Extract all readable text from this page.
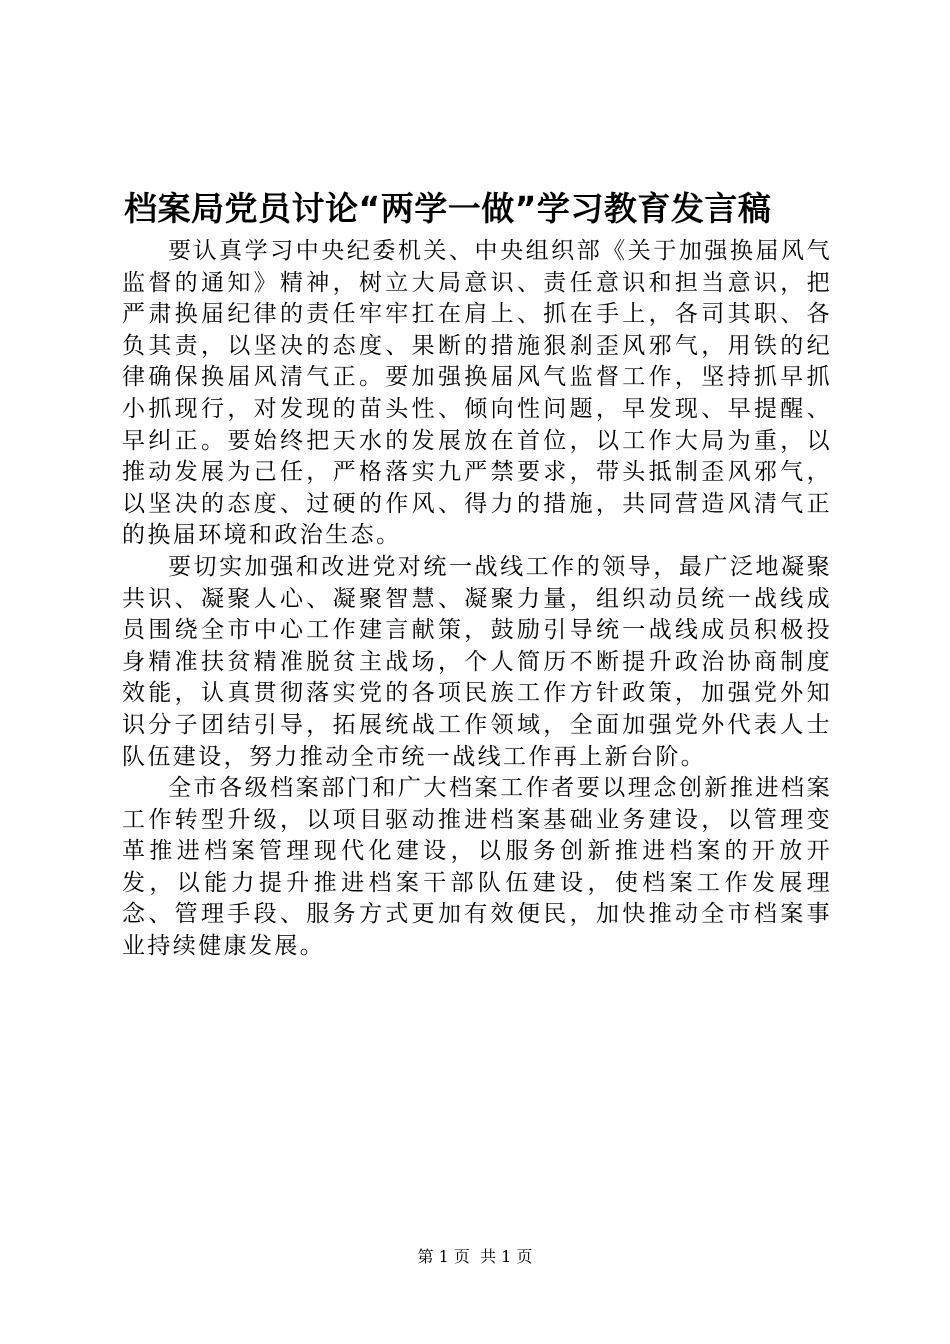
档案局党员讨论“两学一做”学习教育发言稿

要认真学习中央纪委机关、中央组织部《关于加强换届风气监督的通知》精神，树立大局意识、责任意识和担当意识，把严肃换届纪律的责任牢牢扛在肩上、抓在手上，各司其职、各负其责，以坚决的态度、果断的措施狠刹歪风邪气，用铁的纪律确保换届风清气正。要加强换届风气监督工作，坚持抓早抓小抓现行，对发现的苗头性、倾向性问题，早发现、早提醒、早纠正。要始终把天水的发展放在首位，以工作大局为重，以推动发展为己任，严格落实九严禁要求，带头抵制歪风邪气，以坚决的态度、过硬的作风、得力的措施，共同营造风清气正的换届环境和政治生态。

要切实加强和改进党对统一战线工作的领导，最广泛地凝聚共识、凝聚人心、凝聚智慧、凝聚力量，组织动员统一战线成员围绕全市中心工作建言献策，鼓励引导统一战线成员积极投身精准扶贫精准脱贫主战场，个人简历不断提升政治协商制度效能，认真贯彻落实党的各项民族工作方针政策，加强党外知识分子团结引导，拓展统战工作领域，全面加强党外代表人士队伍建设，努力推动全市统一战线工作再上新台阶。

全市各级档案部门和广大档案工作者要以理念创新推进档案工作转型升级，以项目驱动推进档案基础业务建设，以管理变革推进档案管理现代化建设，以服务创新推进档案的开放开发，以能力提升推进档案干部队伍建设，使档案工作发展理念、管理手段、服务方式更加有效便民，加快推动全市档案事业持续健康发展。

第 1 页  共 1 页
